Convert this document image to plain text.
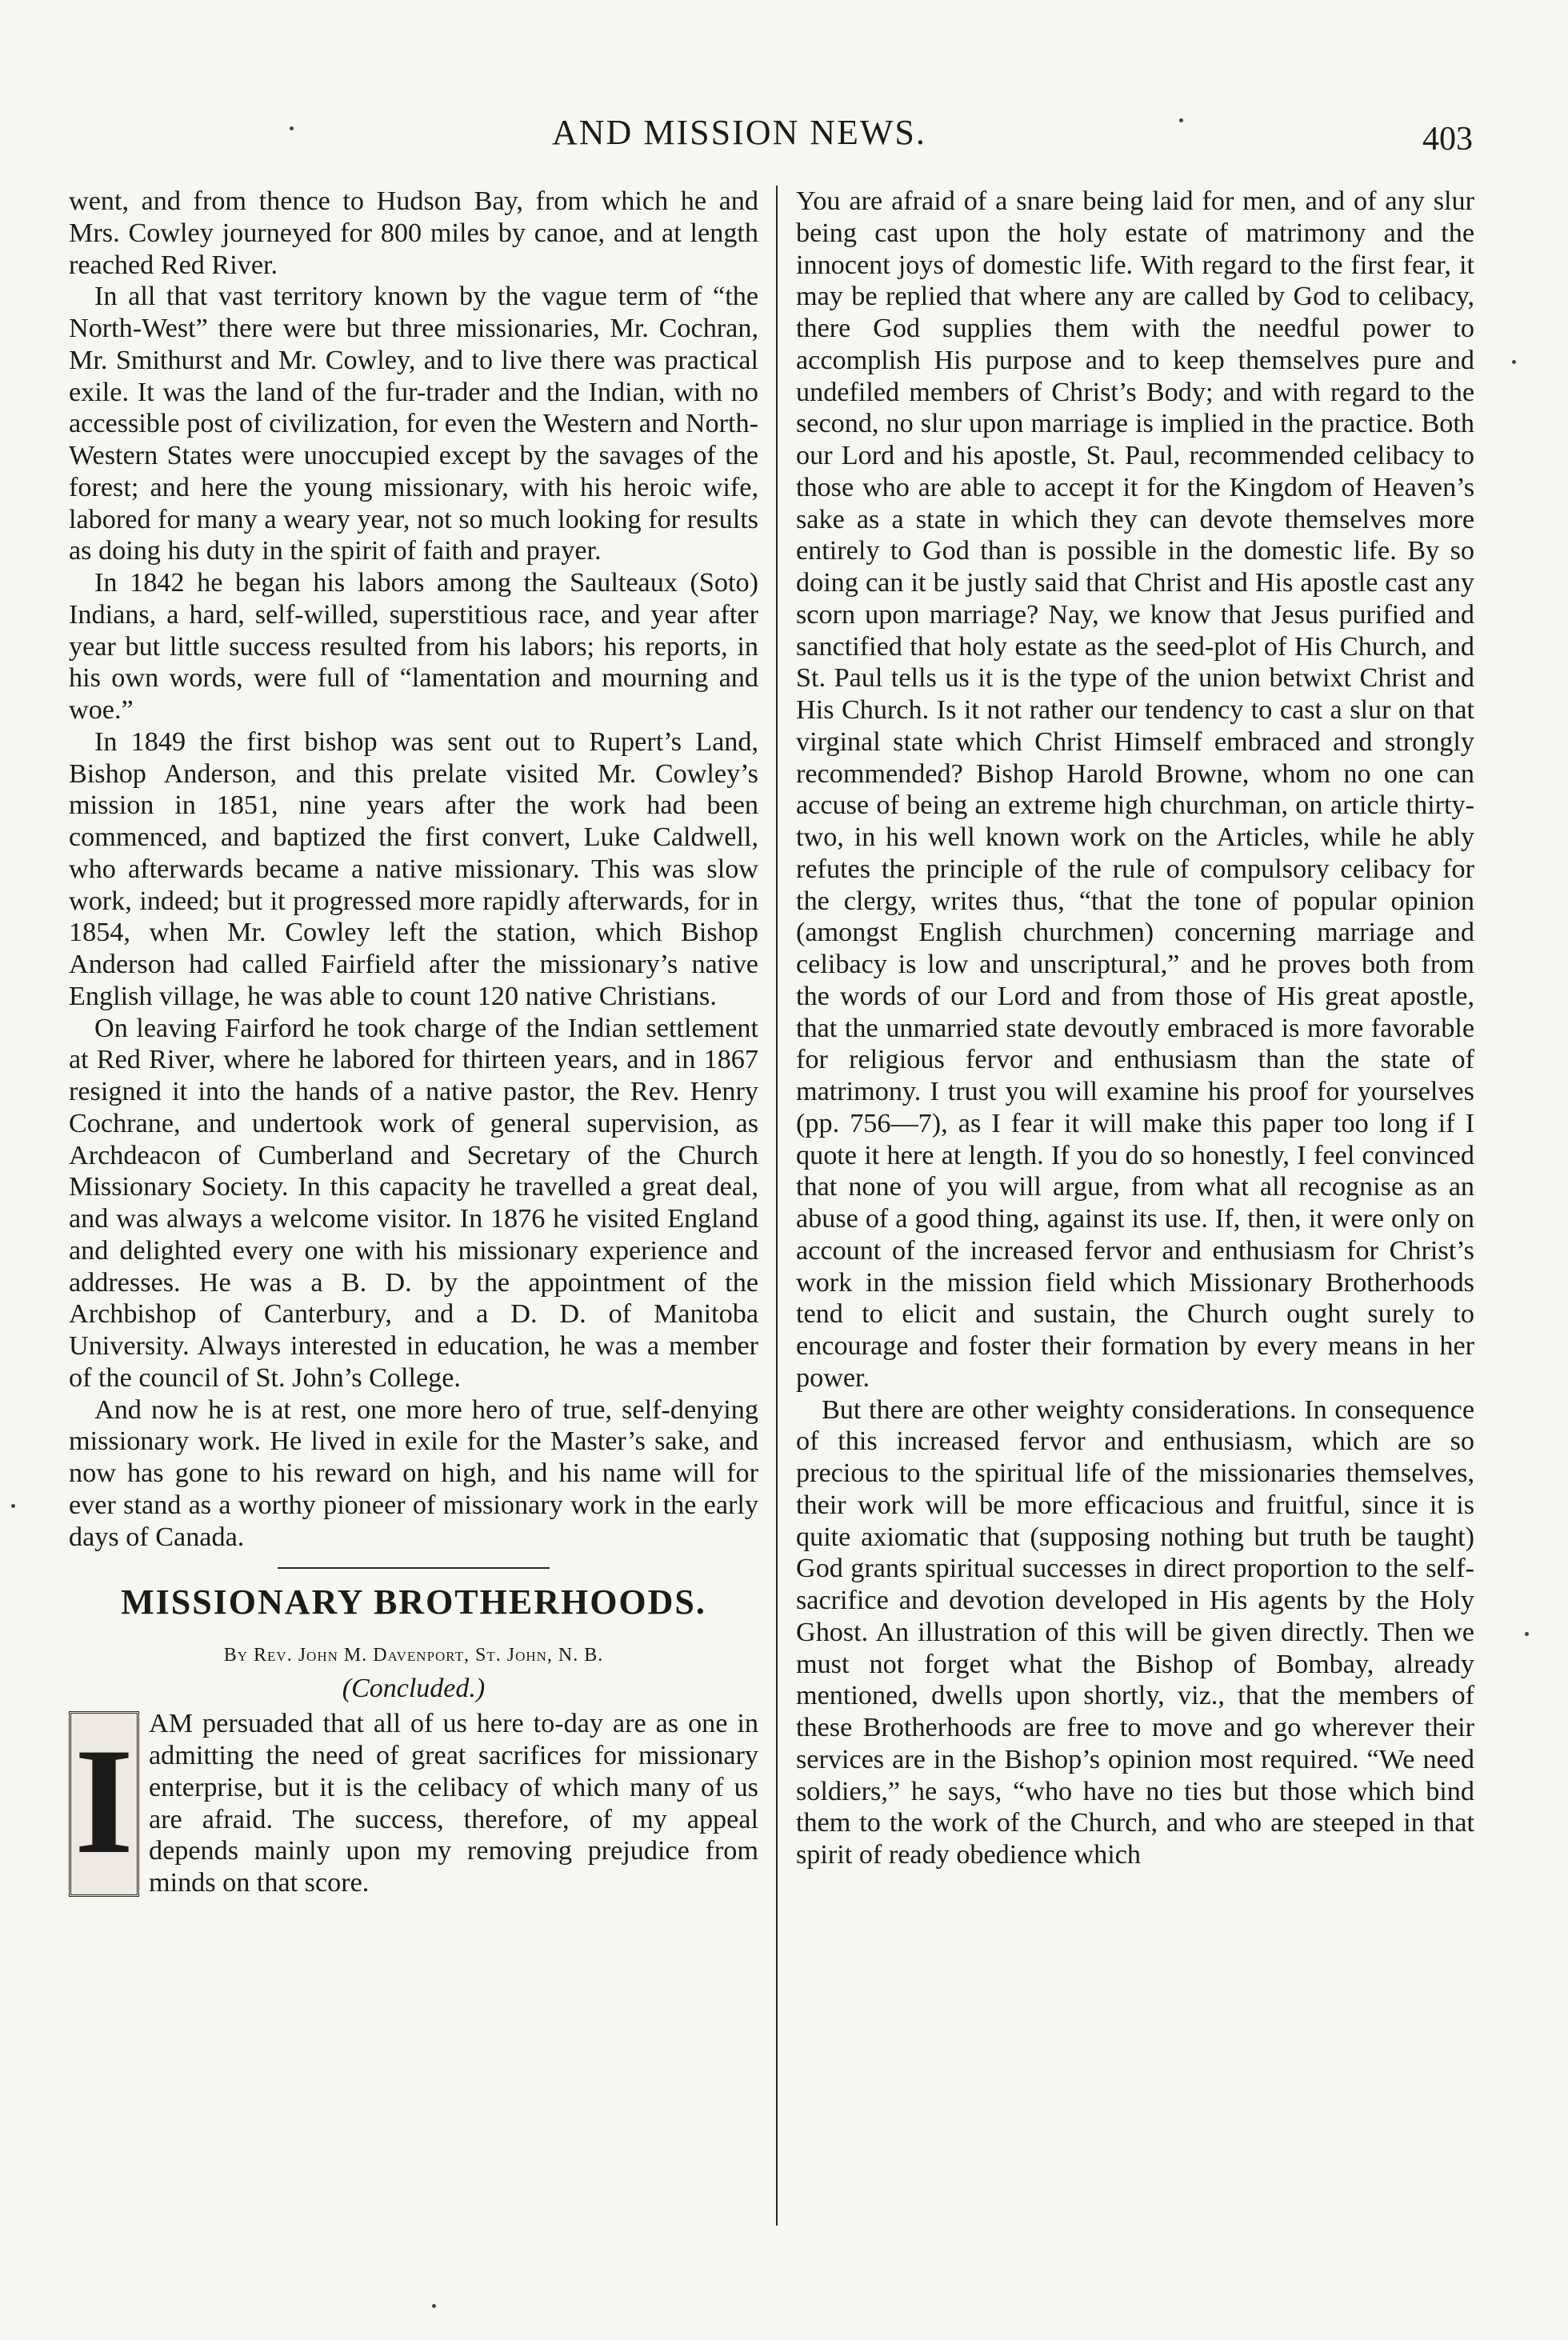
AND MISSION NEWS.	403

went, and from thence to Hudson Bay, from which he and Mrs. Cowley journeyed for 800 miles by canoe, and at length reached Red River.

In all that vast territory known by the vague term of “the North-West” there were but three missionaries, Mr. Cochran, Mr. Smithurst and Mr. Cowley, and to live there was practical exile. It was the land of the fur-trader and the Indian, with no accessible post of civilization, for even the Western and North-Western States were unoccupied except by the savages of the forest; and here the young missionary, with his heroic wife, labored for many a weary year, not so much looking for results as doing his duty in the spirit of faith and prayer.

In 1842 he began his labors among the Saulteaux (Soto) Indians, a hard, self-willed, superstitious race, and year after year but little success resulted from his labors; his reports, in his own words, were full of “lamentation and mourning and woe.”

In 1849 the first bishop was sent out to Rupert’s Land, Bishop Anderson, and this prelate visited Mr. Cowley’s mission in 1851, nine years after the work had been commenced, and baptized the first convert, Luke Caldwell, who afterwards became a native missionary. This was slow work, indeed; but it progressed more rapidly afterwards, for in 1854, when Mr. Cowley left the station, which Bishop Anderson had called Fairfield after the missionary’s native English village, he was able to count 120 native Christians.

On leaving Fairford he took charge of the Indian settlement at Red River, where he labored for thirteen years, and in 1867 resigned it into the hands of a native pastor, the Rev. Henry Cochrane, and undertook work of general supervision, as Archdeacon of Cumberland and Secretary of the Church Missionary Society. In this capacity he travelled a great deal, and was always a welcome visitor. In 1876 he visited England and delighted every one with his missionary experience and addresses. He was a B. D. by the appointment of the Archbishop of Canterbury, and a D. D. of Manitoba University. Always interested in education, he was a member of the council of St. John’s College.

And now he is at rest, one more hero of true, self-denying missionary work. He lived in exile for the Master’s sake, and now has gone to his reward on high, and his name will for ever stand as a worthy pioneer of missionary work in the early days of Canada.

MISSIONARY BROTHERHOODS.
By Rev. John M. Davenport, St. John, N. B.
(Concluded.)
I AM persuaded that all of us here to-day are as one in admitting the need of great sacrifices for missionary enterprise, but it is the celibacy of which many of us are afraid. The success, therefore, of my appeal depends mainly upon my removing prejudice from minds on that score.

You are afraid of a snare being laid for men, and of any slur being cast upon the holy estate of matrimony and the innocent joys of domestic life. With regard to the first fear, it may be replied that where any are called by God to celibacy, there God supplies them with the needful power to accomplish His purpose and to keep themselves pure and undefiled members of Christ’s Body; and with regard to the second, no slur upon marriage is implied in the practice. Both our Lord and his apostle, St. Paul, recommended celibacy to those who are able to accept it for the Kingdom of Heaven’s sake as a state in which they can devote themselves more entirely to God than is possible in the domestic life. By so doing can it be justly said that Christ and His apostle cast any scorn upon marriage? Nay, we know that Jesus purified and sanctified that holy estate as the seed-plot of His Church, and St. Paul tells us it is the type of the union betwixt Christ and His Church. Is it not rather our tendency to cast a slur on that virginal state which Christ Himself embraced and strongly recommended? Bishop Harold Browne, whom no one can accuse of being an extreme high churchman, on article thirty-two, in his well known work on the Articles, while he ably refutes the principle of the rule of compulsory celibacy for the clergy, writes thus, “that the tone of popular opinion (amongst English churchmen) concerning marriage and celibacy is low and unscriptural,” and he proves both from the words of our Lord and from those of His great apostle, that the unmarried state devoutly embraced is more favorable for religious fervor and enthusiasm than the state of matrimony. I trust you will examine his proof for yourselves (pp. 756—7), as I fear it will make this paper too long if I quote it here at length. If you do so honestly, I feel convinced that none of you will argue, from what all recognise as an abuse of a good thing, against its use. If, then, it were only on account of the increased fervor and enthusiasm for Christ’s work in the mission field which Missionary Brotherhoods tend to elicit and sustain, the Church ought surely to encourage and foster their formation by every means in her power.

But there are other weighty considerations. In consequence of this increased fervor and enthusiasm, which are so precious to the spiritual life of the missionaries themselves, their work will be more efficacious and fruitful, since it is quite axiomatic that (supposing nothing but truth be taught) God grants spiritual successes in direct proportion to the self-sacrifice and devotion developed in His agents by the Holy Ghost. An illustration of this will be given directly. Then we must not forget what the Bishop of Bombay, already mentioned, dwells upon shortly, viz., that the members of these Brotherhoods are free to move and go wherever their services are in the Bishop’s opinion most required. “We need soldiers,” he says, “who have no ties but those which bind them to the work of the Church, and who are steeped in that spirit of ready obedience which
